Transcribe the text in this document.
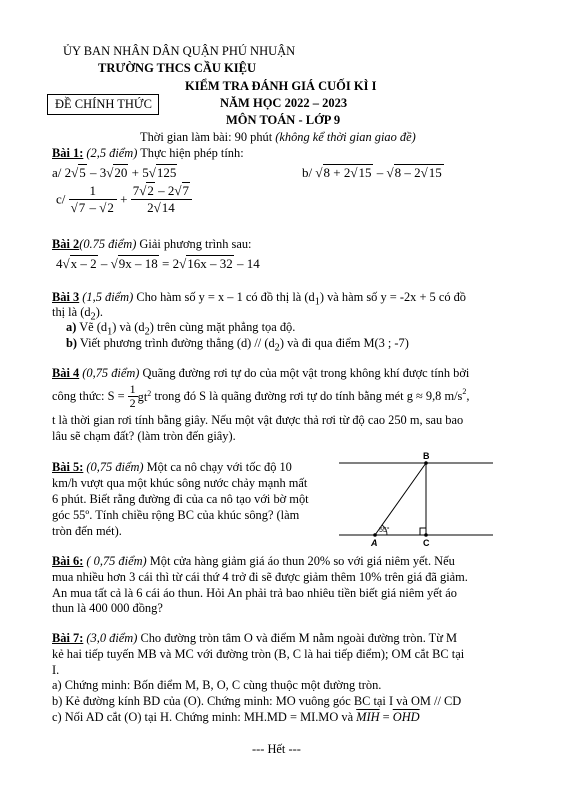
ỦY BAN NHÂN DÂN QUẬN PHÚ NHUẬN
TRƯỜNG THCS CẦU KIỆU
KIỂM TRA ĐÁNH GIÁ CUỐI KÌ I
ĐỀ CHÍNH THỨC	NĂM HỌC 2022 – 2023
MÔN TOÁN - LỚP 9
Thời gian làm bài: 90 phút (không kể thời gian giao đề)
Bài 1: (2,5 điểm) Thực hiện phép tính:
a/ 2√5 – 3√20 + 5√125	b/ √8 + 2√15 – √8 – 2√15
$c/ \frac{1}{√7 - √2} + \frac{7√2 - 2√7}{2√14}$
Bài 2(0.75 điểm) Giải phương trình sau:
4√x – 2 – √9x – 18 = 2√16x – 32 – 14
Bài 3 (1,5 điểm) Cho hàm số y = x – 1 có đồ thị là $(d_1)$ và hàm số y = -2x + 5 có đồ
thị là $(d_2)$.
a) Vẽ $(d_1)$ và $(d_2)$ trên cùng mặt phẳng tọa độ.
b) Viết phương trình đường thẳng $(d) // (d_2)$ và đi qua điểm M(3 ; -7)
Bài 4 (0,75 điểm) Quãng đường rơi tự do của một vật trong không khí được tính bởi
công thức: $S = \frac{1}{2} gt^2$ trong đó S là quãng đường rơi tự do tính bằng mét g ≈ 9,8 $m/s^2$,
t là thời gian rơi tính bằng giây. Nếu một vật được thả rơi từ độ cao 250 m, sau bao
lâu sẽ chạm đất? (làm tròn đến giây).
Bài 5: (0,75 điểm) Một ca nô chạy với tốc độ 10
km/h vượt qua một khúc sông nước chảy mạnh mất
6 phút. Biết rằng đường đi của ca nô tạo với bờ một
góc 55º. Tính chiều rộng BC của khúc sông? (làm
tròn đến mét).
B
A	C
55°
Bài 6: ( 0,75 điểm) Một cửa hàng giảm giá áo thun 20% so với giá niêm yết. Nếu
mua nhiều hơn 3 cái thì từ cái thứ 4 trở đi sẽ được giảm thêm 10% trên giá đã giảm.
An mua tất cả là 6 cái áo thun. Hỏi An phải trả bao nhiêu tiền biết giá niêm yết áo
thun là 400 000 đồng?
Bài 7: (3,0 điểm) Cho đường tròn tâm O và điểm M nằm ngoài đường tròn. Từ M
kẻ hai tiếp tuyến MB và MC với đường tròn (B, C là hai tiếp điểm); OM cắt BC tại
I.
a) Chứng minh: Bốn điểm M, B, O, C cùng thuộc một đường tròn.
b) Kẻ đường kính BD của (O). Chứng minh: MO vuông góc BC tại I và OM // CD
c) Nối AD cắt (O) tại H. Chứng minh: MH.MD = MI.MO và $\overline{MIH} = \overline{OHD}$
--- Hết ---
